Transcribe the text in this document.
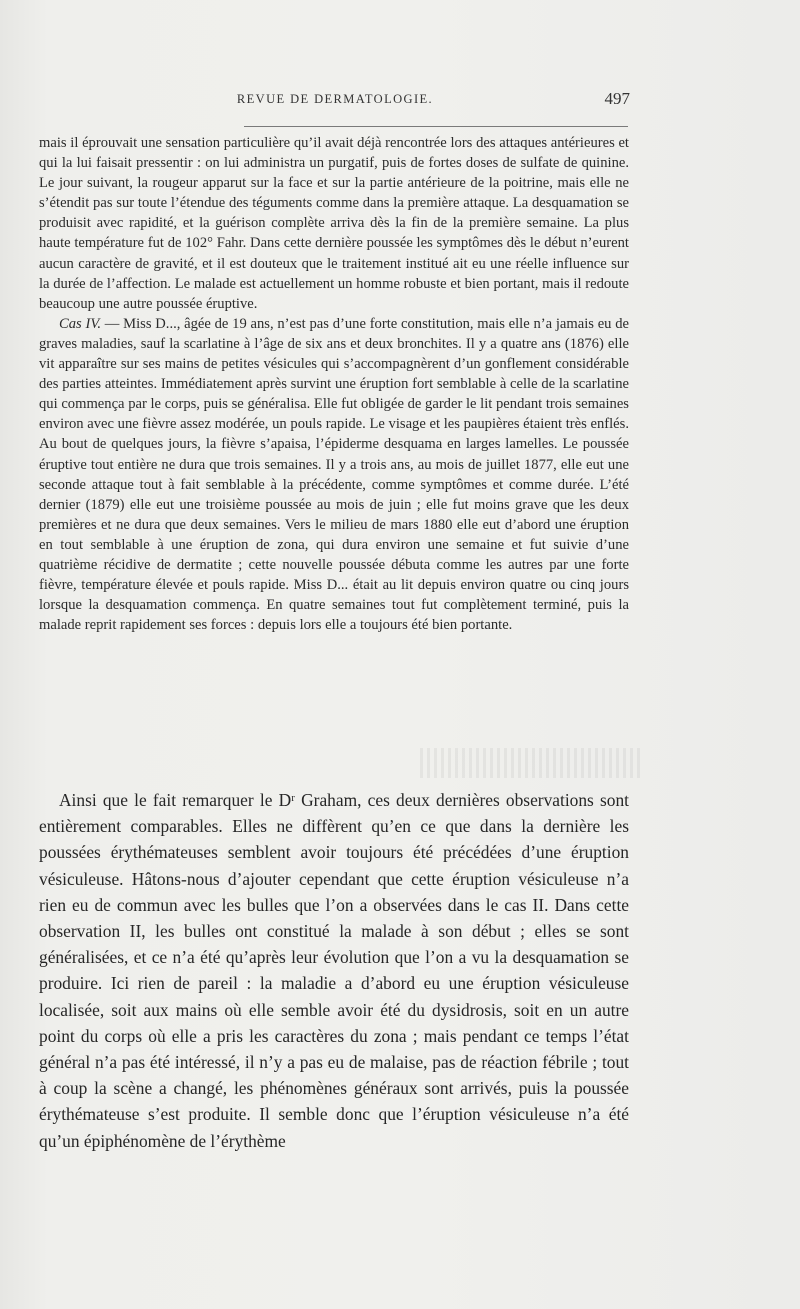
REVUE DE DERMATOLOGIE.	497

mais il éprouvait une sensation particulière qu’il avait déjà rencontrée lors des attaques antérieures et qui la lui faisait pressentir : on lui administra un purgatif, puis de fortes doses de sulfate de quinine. Le jour suivant, la rougeur apparut sur la face et sur la partie antérieure de la poitrine, mais elle ne s’étendit pas sur toute l’étendue des téguments comme dans la première attaque. La desquamation se produisit avec rapidité, et la guérison complète arriva dès la fin de la première semaine. La plus haute température fut de 102° Fahr. Dans cette dernière poussée les symptômes dès le début n’eurent aucun caractère de gravité, et il est douteux que le traitement institué ait eu une réelle influence sur la durée de l’affection. Le malade est actuellement un homme robuste et bien portant, mais il redoute beaucoup une autre poussée éruptive.

Cas IV. — Miss D..., âgée de 19 ans, n’est pas d’une forte constitution, mais elle n’a jamais eu de graves maladies, sauf la scarlatine à l’âge de six ans et deux bronchites. Il y a quatre ans (1876) elle vit apparaître sur ses mains de petites vésicules qui s’accompagnèrent d’un gonflement considérable des parties atteintes. Immédiatement après survint une éruption fort semblable à celle de la scarlatine qui commença par le corps, puis se généralisa. Elle fut obligée de garder le lit pendant trois semaines environ avec une fièvre assez modérée, un pouls rapide. Le visage et les paupières étaient très enflés. Au bout de quelques jours, la fièvre s’apaisa, l’épiderme desquama en larges lamelles. Le poussée éruptive tout entière ne dura que trois semaines. Il y a trois ans, au mois de juillet 1877, elle eut une seconde attaque tout à fait semblable à la précédente, comme symptômes et comme durée. L’été dernier (1879) elle eut une troisième poussée au mois de juin ; elle fut moins grave que les deux premières et ne dura que deux semaines. Vers le milieu de mars 1880 elle eut d’abord une éruption en tout semblable à une éruption de zona, qui dura environ une semaine et fut suivie d’une quatrième récidive de dermatite ; cette nouvelle poussée débuta comme les autres par une forte fièvre, température élevée et pouls rapide. Miss D... était au lit depuis environ quatre ou cinq jours lorsque la desquamation commença. En quatre semaines tout fut complètement terminé, puis la malade reprit rapidement ses forces : depuis lors elle a toujours été bien portante.

Ainsi que le fait remarquer le Dʳ Graham, ces deux dernières observations sont entièrement comparables. Elles ne diffèrent qu’en ce que dans la dernière les poussées érythémateuses semblent avoir toujours été précédées d’une éruption vésiculeuse. Hâtons-nous d’ajouter cependant que cette éruption vésiculeuse n’a rien eu de commun avec les bulles que l’on a observées dans le cas II. Dans cette observation II, les bulles ont constitué la malade à son début ; elles se sont généralisées, et ce n’a été qu’après leur évolution que l’on a vu la desquamation se produire. Ici rien de pareil : la maladie a d’abord eu une éruption vésiculeuse localisée, soit aux mains où elle semble avoir été du dysidrosis, soit en un autre point du corps où elle a pris les caractères du zona ; mais pendant ce temps l’état général n’a pas été intéressé, il n’y a pas eu de malaise, pas de réaction fébrile ; tout à coup la scène a changé, les phénomènes généraux sont arrivés, puis la poussée érythémateuse s’est produite. Il semble donc que l’éruption vésiculeuse n’a été qu’un épiphénomène de l’érythème
